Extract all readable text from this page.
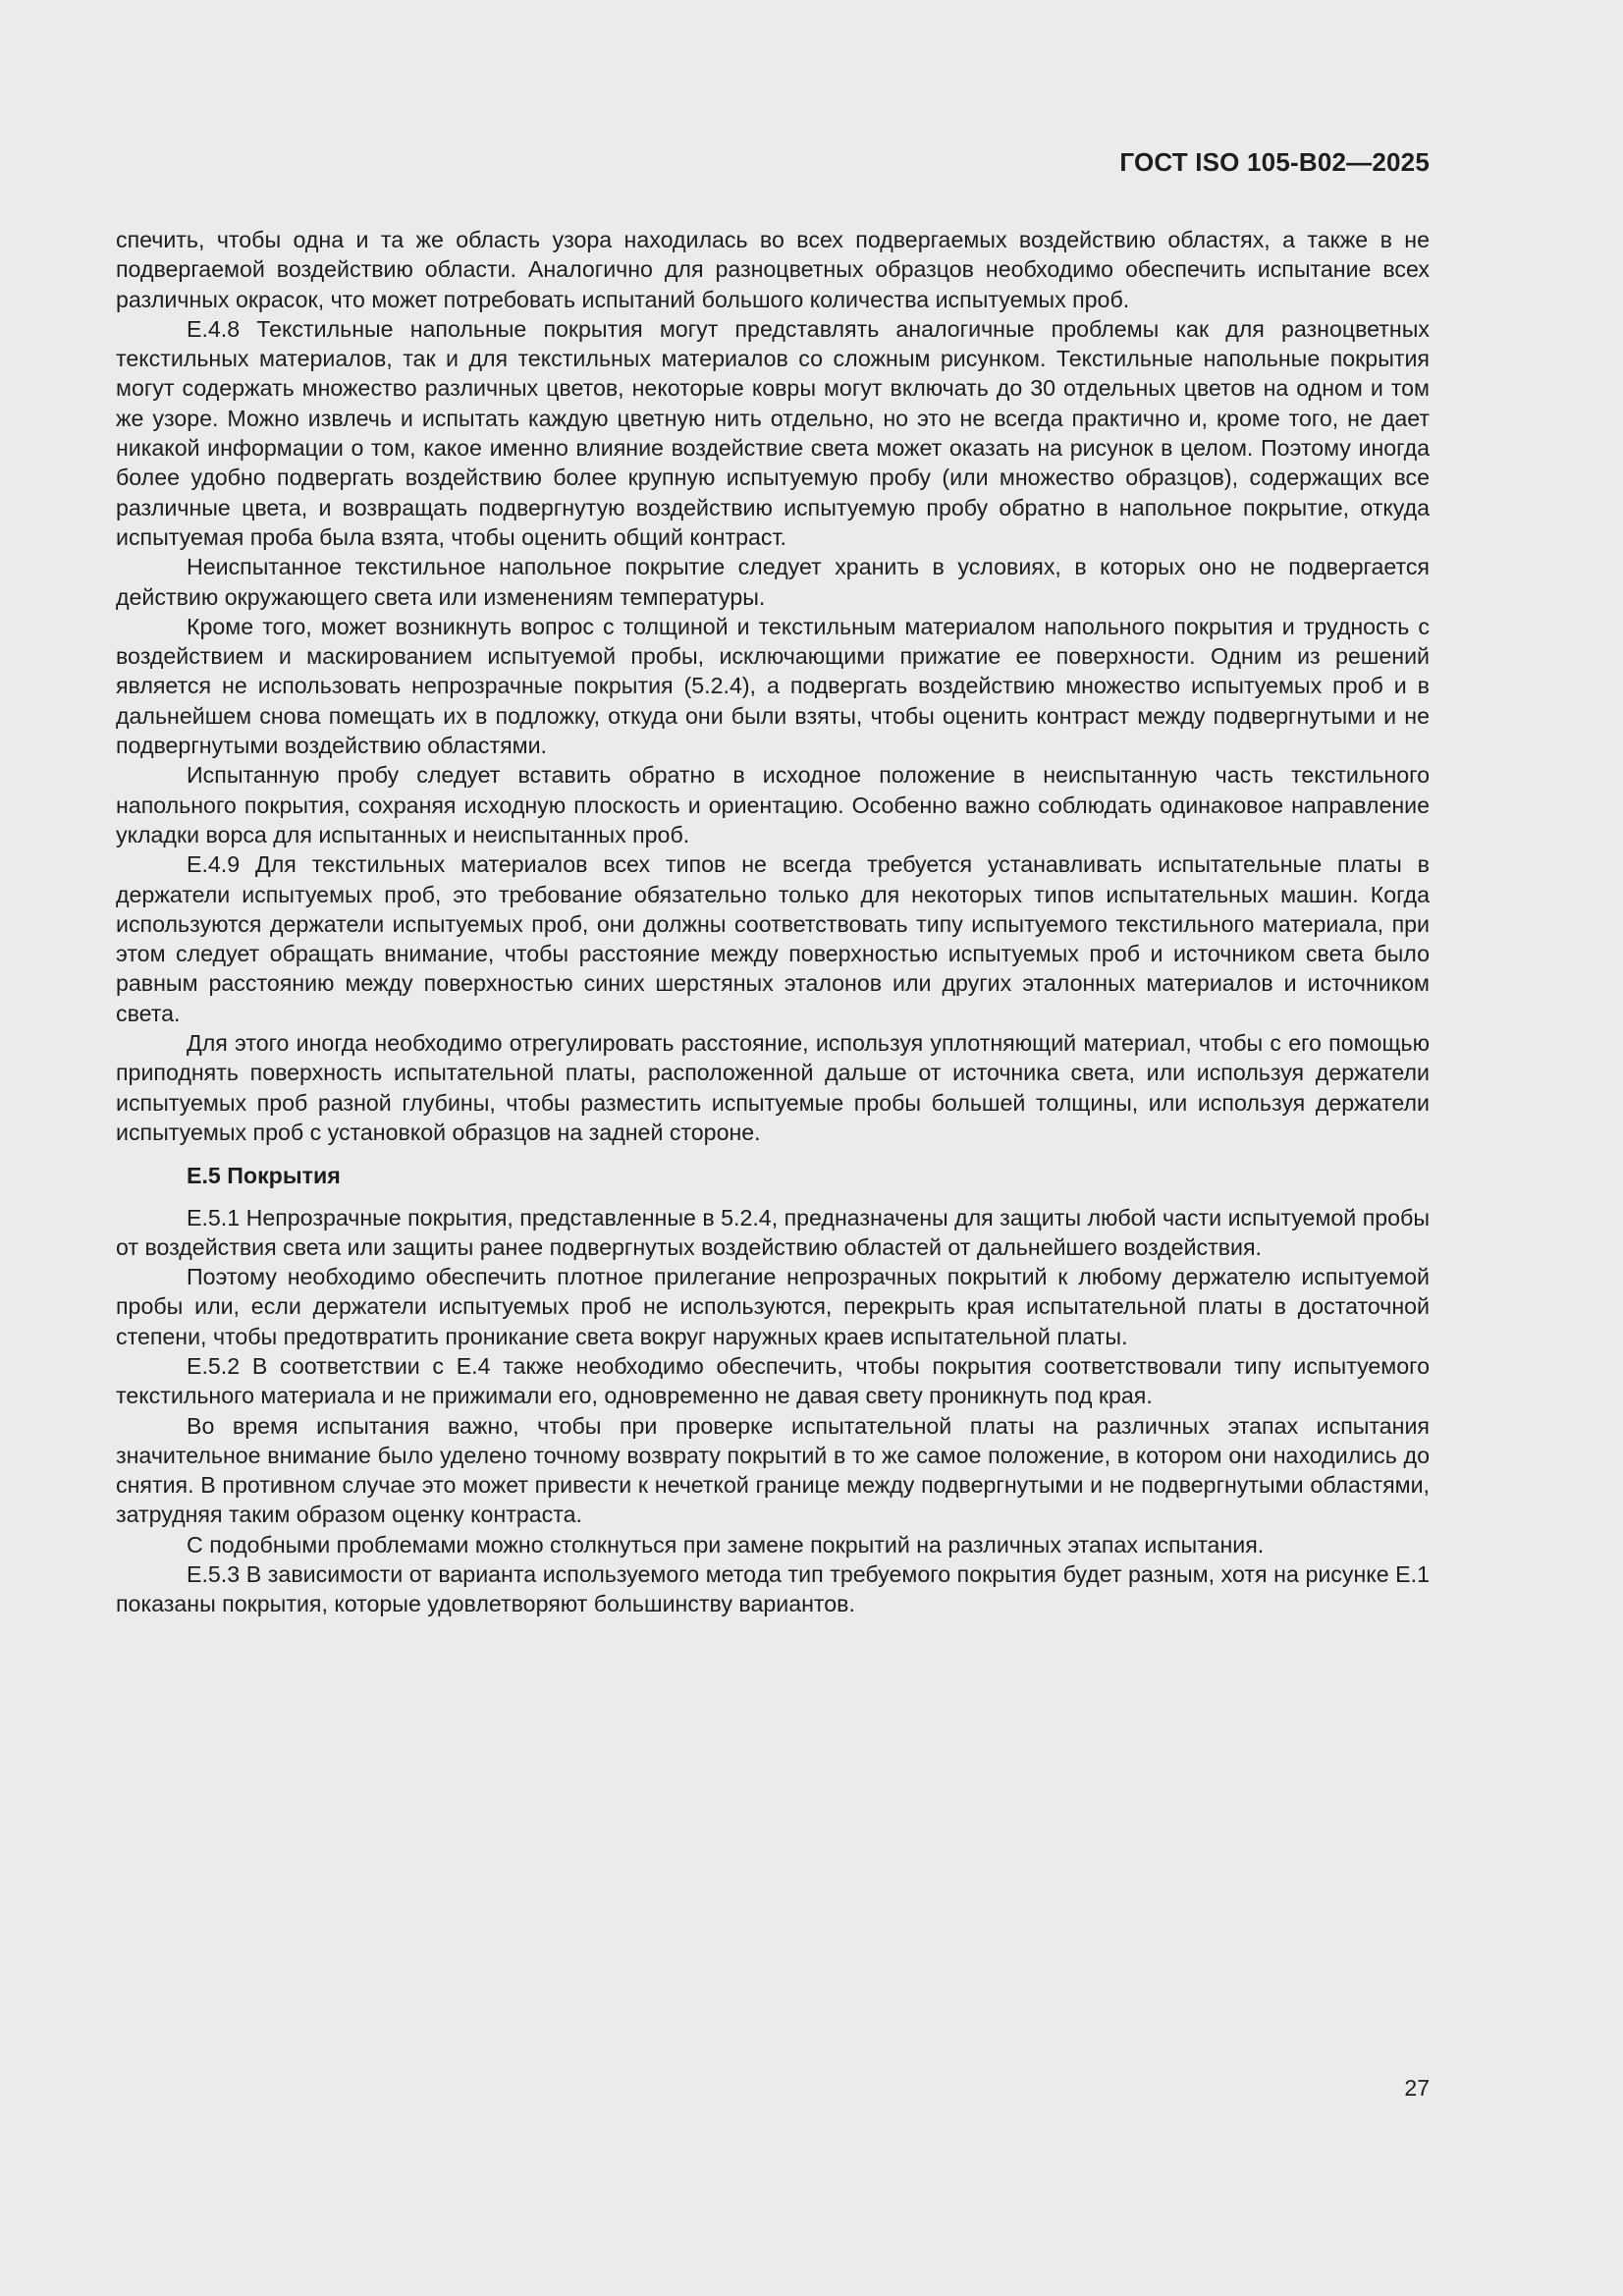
ГОСТ ISO 105-B02—2025

спечить, чтобы одна и та же область узора находилась во всех подвергаемых воздействию областях, а также в не подвергаемой воздействию области. Аналогично для разноцветных образцов необходимо обеспечить испытание всех различных окрасок, что может потребовать испытаний большого количества испытуемых проб.

Е.4.8 Текстильные напольные покрытия могут представлять аналогичные проблемы как для разноцветных текстильных материалов, так и для текстильных материалов со сложным рисунком. Текстильные напольные покрытия могут содержать множество различных цветов, некоторые ковры могут включать до 30 отдельных цветов на одном и том же узоре. Можно извлечь и испытать каждую цветную нить отдельно, но это не всегда практично и, кроме того, не дает никакой информации о том, какое именно влияние воздействие света может оказать на рисунок в целом. Поэтому иногда более удобно подвергать воздействию более крупную испытуемую пробу (или множество образцов), содержащих все различные цвета, и возвращать подвергнутую воздействию испытуемую пробу обратно в напольное покрытие, откуда испытуемая проба была взята, чтобы оценить общий контраст.

Неиспытанное текстильное напольное покрытие следует хранить в условиях, в которых оно не подвергается действию окружающего света или изменениям температуры.

Кроме того, может возникнуть вопрос с толщиной и текстильным материалом напольного покрытия и трудность с воздействием и маскированием испытуемой пробы, исключающими прижатие ее поверхности. Одним из решений является не использовать непрозрачные покрытия (5.2.4), а подвергать воздействию множество испытуемых проб и в дальнейшем снова помещать их в подложку, откуда они были взяты, чтобы оценить контраст между подвергнутыми и не подвергнутыми воздействию областями.

Испытанную пробу следует вставить обратно в исходное положение в неиспытанную часть текстильного напольного покрытия, сохраняя исходную плоскость и ориентацию. Особенно важно соблюдать одинаковое направление укладки ворса для испытанных и неиспытанных проб.

Е.4.9 Для текстильных материалов всех типов не всегда требуется устанавливать испытательные платы в держатели испытуемых проб, это требование обязательно только для некоторых типов испытательных машин. Когда используются держатели испытуемых проб, они должны соответствовать типу испытуемого текстильного материала, при этом следует обращать внимание, чтобы расстояние между поверхностью испытуемых проб и источником света было равным расстоянию между поверхностью синих шерстяных эталонов или других эталонных материалов и источником света.

Для этого иногда необходимо отрегулировать расстояние, используя уплотняющий материал, чтобы с его помощью приподнять поверхность испытательной платы, расположенной дальше от источника света, или используя держатели испытуемых проб разной глубины, чтобы разместить испытуемые пробы большей толщины, или используя держатели испытуемых проб с установкой образцов на задней стороне.

Е.5 Покрытия

Е.5.1 Непрозрачные покрытия, представленные в 5.2.4, предназначены для защиты любой части испытуемой пробы от воздействия света или защиты ранее подвергнутых воздействию областей от дальнейшего воздействия.

Поэтому необходимо обеспечить плотное прилегание непрозрачных покрытий к любому держателю испытуемой пробы или, если держатели испытуемых проб не используются, перекрыть края испытательной платы в достаточной степени, чтобы предотвратить проникание света вокруг наружных краев испытательной платы.

Е.5.2 В соответствии с Е.4 также необходимо обеспечить, чтобы покрытия соответствовали типу испытуемого текстильного материала и не прижимали его, одновременно не давая свету проникнуть под края.

Во время испытания важно, чтобы при проверке испытательной платы на различных этапах испытания значительное внимание было уделено точному возврату покрытий в то же самое положение, в котором они находились до снятия. В противном случае это может привести к нечеткой границе между подвергнутыми и не подвергнутыми областями, затрудняя таким образом оценку контраста.

С подобными проблемами можно столкнуться при замене покрытий на различных этапах испытания.

Е.5.3 В зависимости от варианта используемого метода тип требуемого покрытия будет разным, хотя на рисунке Е.1 показаны покрытия, которые удовлетворяют большинству вариантов.

27
